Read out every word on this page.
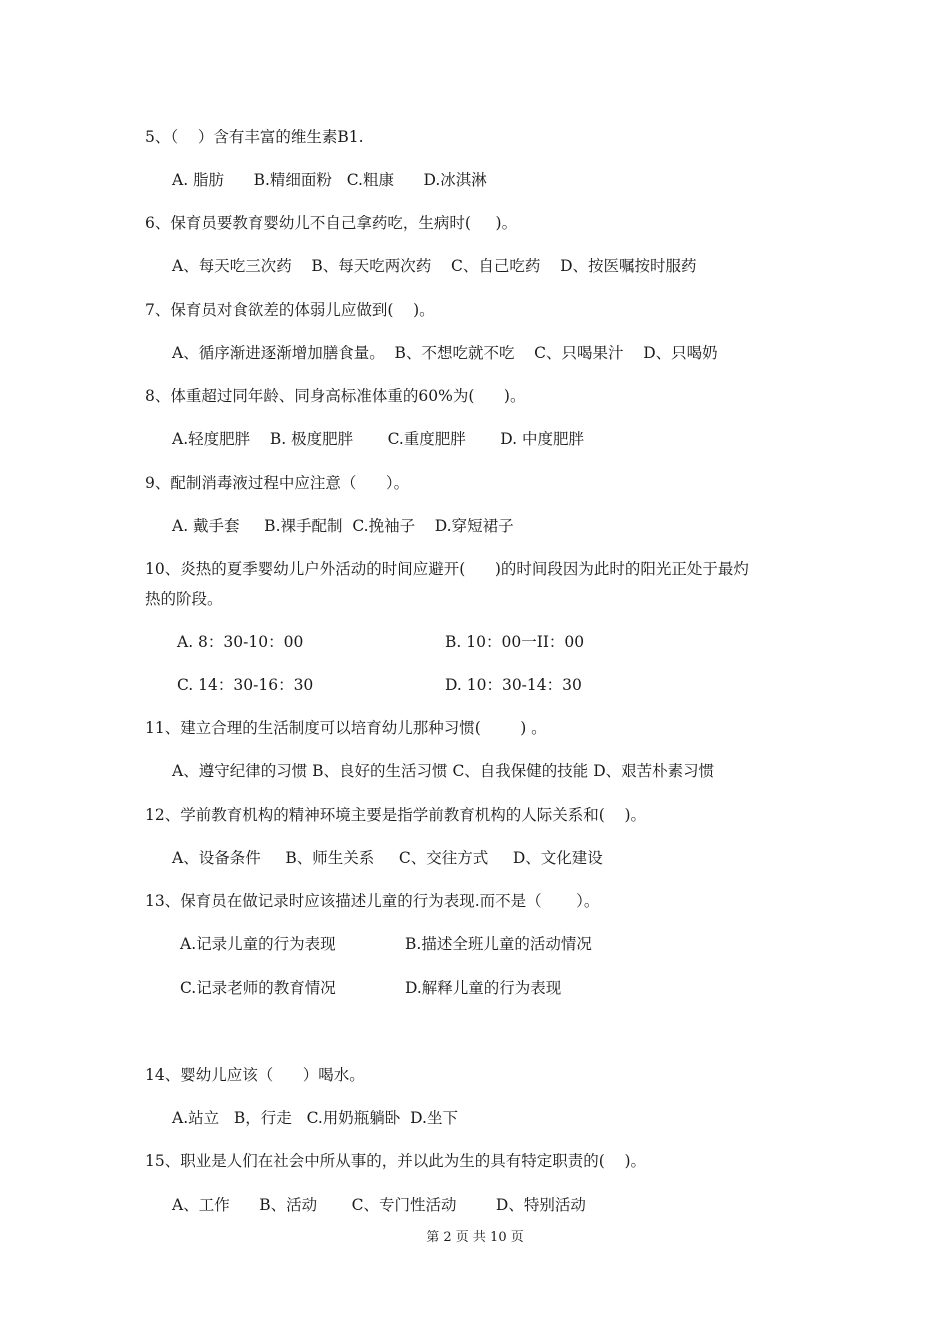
5、（    ）含有丰富的维生素B1.
A. 脂肪      B.精细面粉   C.粗康      D.冰淇淋
6、保育员要教育婴幼儿不自己拿药吃，生病时(     )。
A、每天吃三次药    B、每天吃两次药    C、自己吃药    D、按医嘱按时服药
7、保育员对食欲差的体弱儿应做到(    )。
A、循序渐进逐渐增加膳食量。  B、不想吃就不吃    C、只喝果汁    D、只喝奶
8、体重超过同年龄、同身高标准体重的60%为(      )。
A.轻度肥胖    B. 极度肥胖       C.重度肥胖       D. 中度肥胖
9、配制消毒液过程中应注意（      ）。
A. 戴手套     B.裸手配制  C.挽袖子    D.穿短裙子
10、炎热的夏季婴幼儿户外活动的时间应避开(      )的时间段因为此时的阳光正处于最灼
热的阶段。
A. 8：30-10：00	B. 10：00一II：00
C. 14：30-16：30	D. 10：30-14：30
11、建立合理的生活制度可以培育幼儿那种习惯(        ) 。
A、遵守纪律的习惯 B、良好的生活习惯 C、自我保健的技能 D、艰苦朴素习惯
12、学前教育机构的精神环境主要是指学前教育机构的人际关系和(    )。
A、设备条件     B、师生关系     C、交往方式     D、文化建设
13、保育员在做记录时应该描述儿童的行为表现.而不是（       ）。
A.记录儿童的行为表现	B.描述全班儿童的活动情况
C.记录老师的教育情况	D.解释儿童的行为表现
14、婴幼儿应该（      ）喝水。
A.站立   B，行走   C.用奶瓶躺卧  D.坐下
15、职业是人们在社会中所从事的，并以此为生的具有特定职责的(    )。
A、工作      B、活动       C、专门性活动        D、特别活动
第 2 页 共 10 页
